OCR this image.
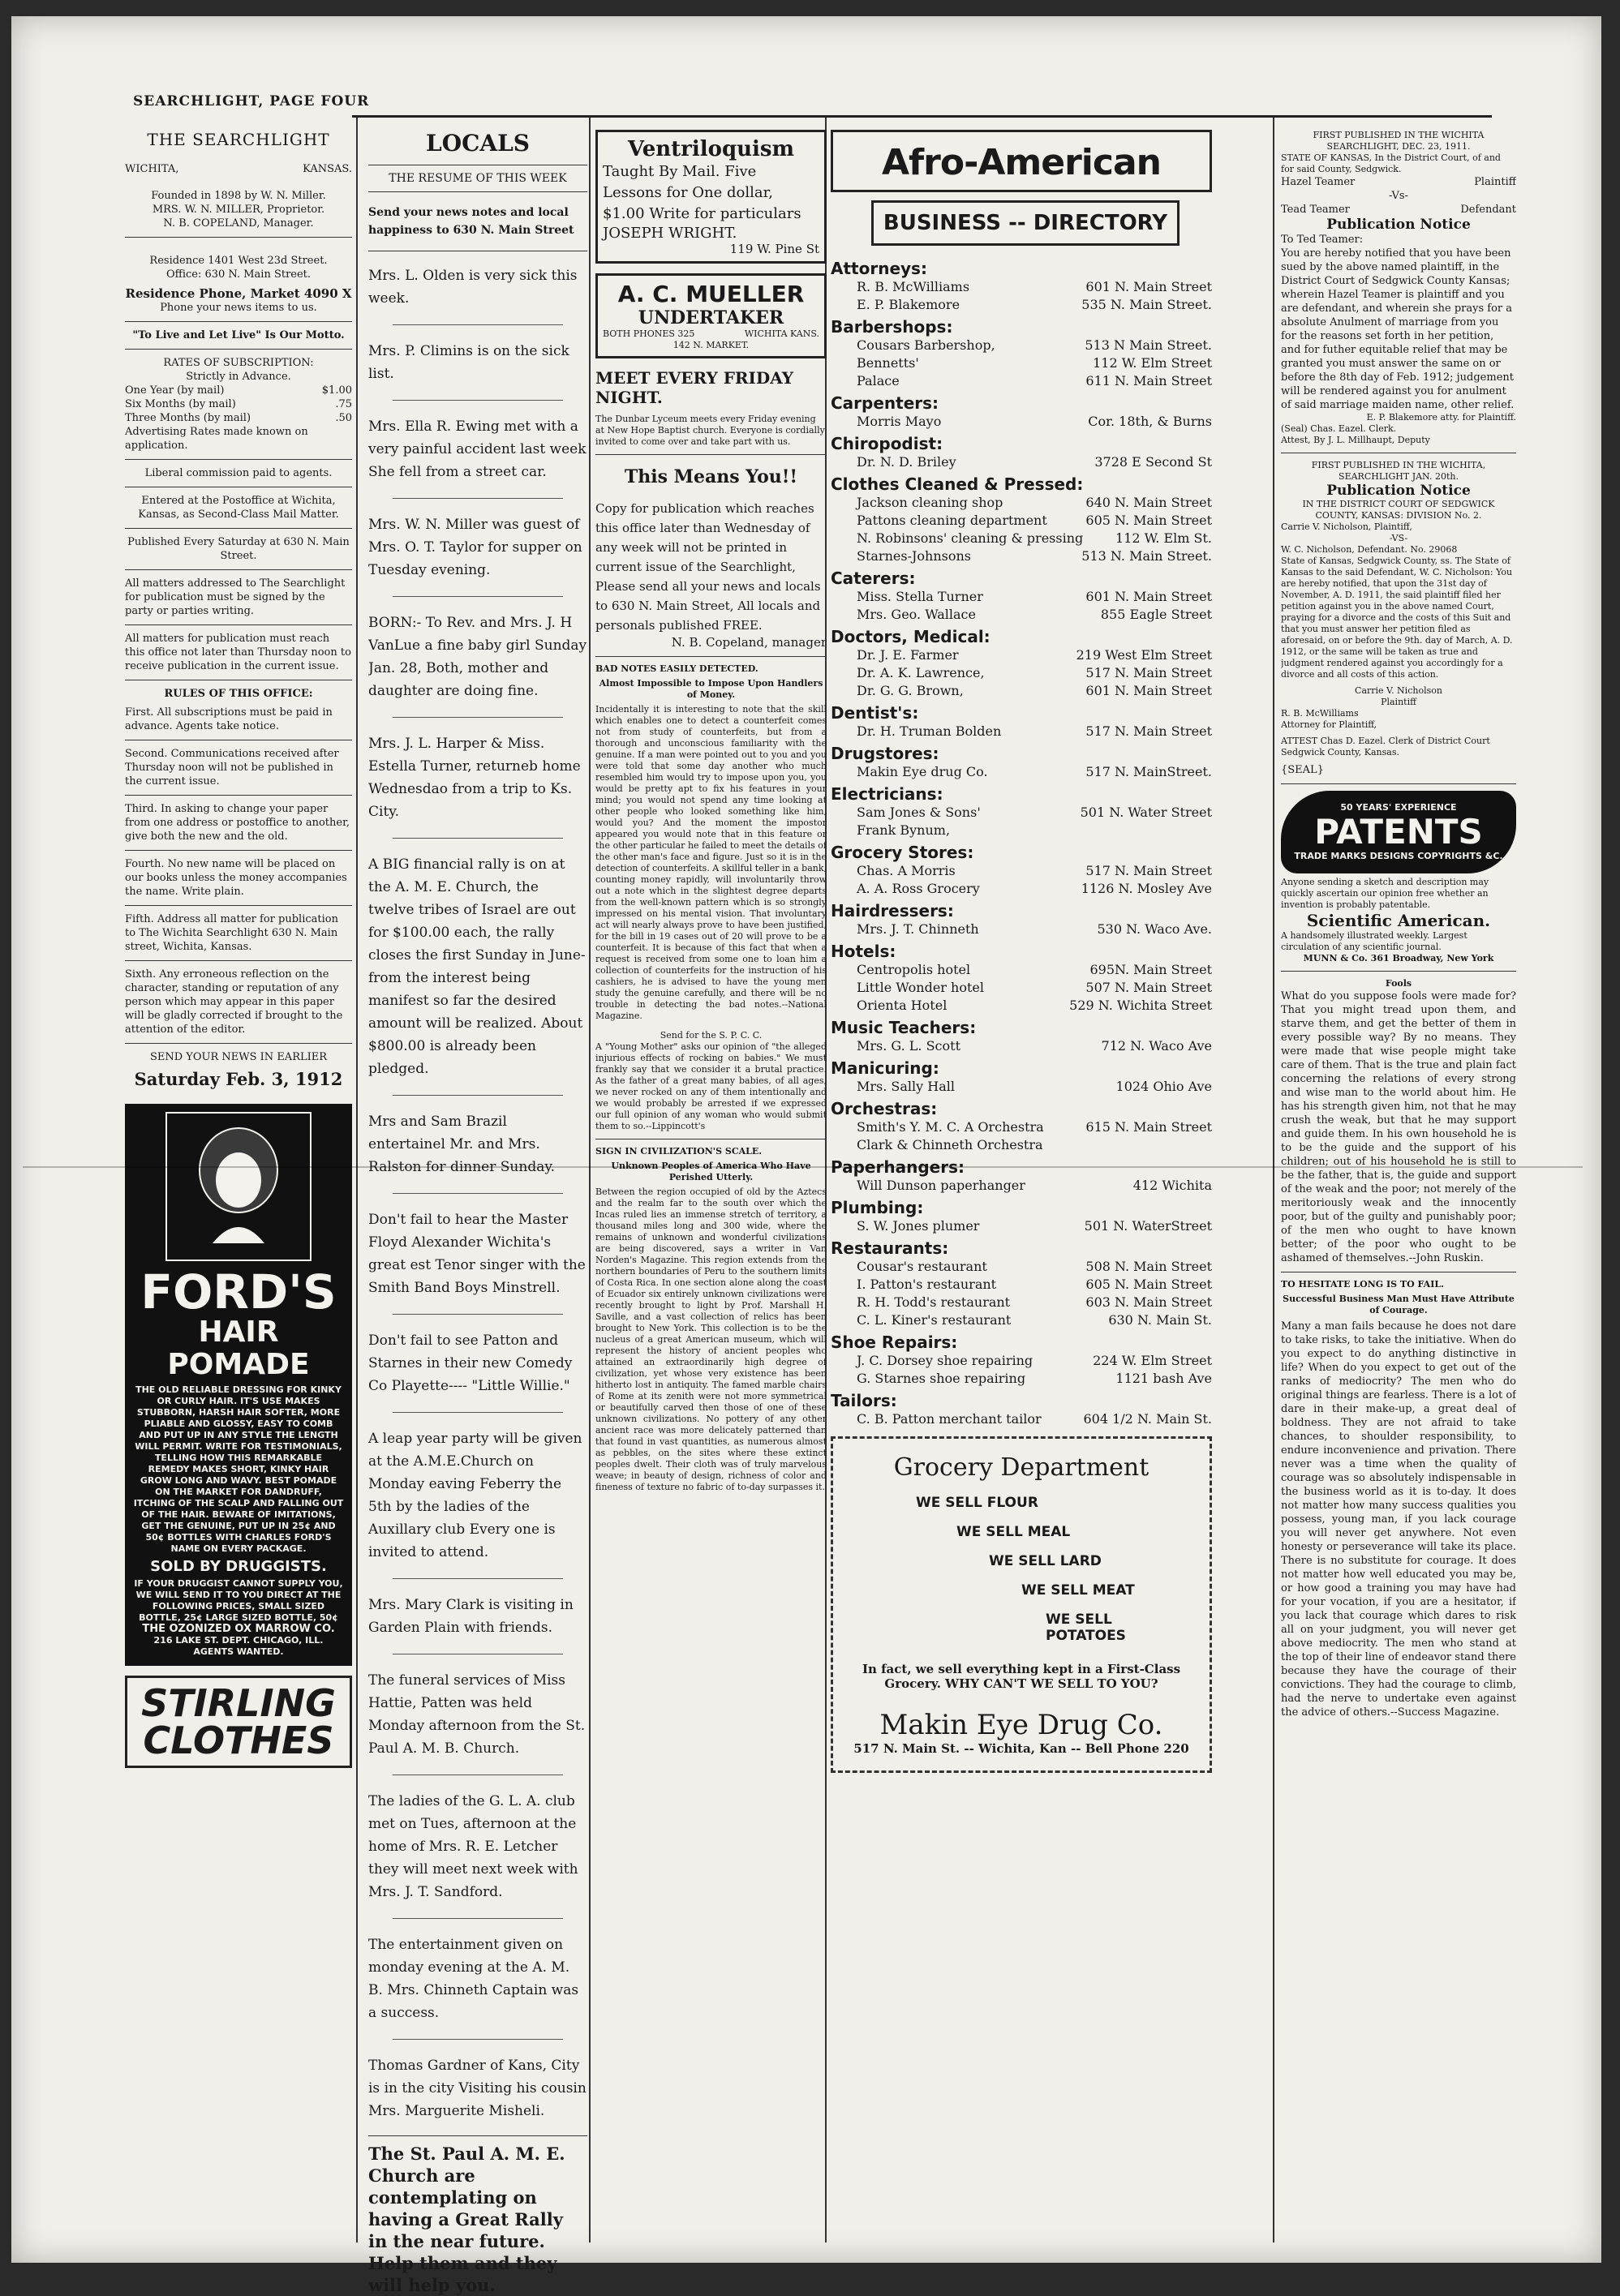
SEARCHLIGHT, PAGE FOUR
THE SEARCHLIGHT
WICHITA,	KANSAS.
Founded in 1898 by W. N. Miller.
MRS. W. N. MILLER, Proprietor.
N. B. COPELAND, Manager.
Residence 1401 West 23d Street.
Office: 630 N. Main Street.
Residence Phone, Market 4090 X
Phone your news items to us.
"To Live and Let Live" Is Our Motto.
RATES OF SUBSCRIPTION:
Strictly in Advance.
One Year (by mail)	$1.00
Six Months (by mail)	.75
Three Months (by mail)	.50
Advertising Rates made known on application.
Liberal commission paid to agents.
Entered at the Postoffice at Wichita, Kansas, as Second-Class Mail Matter.
Published Every Saturday at 630 N. Main Street.
All matters addressed to The Searchlight for publication must be signed by the party or parties writing.
All matters for publication must reach this office not later than Thursday noon to receive publication in the current issue.
RULES OF THIS OFFICE:
First. All subscriptions must be paid in advance. Agents take notice.
Second. Communications received after Thursday noon will not be published in the current issue.
Third. In asking to change your paper from one address or postoffice to another, give both the new and the old.
Fourth. No new name will be placed on our books unless the money accompanies the name. Write plain.
Fifth. Address all matter for publication to The Wichita Searchlight 630 N. Main street, Wichita, Kansas.
Sixth. Any erroneous reflection on the character, standing or reputation of any person which may appear in this paper will be gladly corrected if brought to the attention of the editor.
SEND YOUR NEWS IN EARLIER
Saturday Feb. 3, 1912
FORD'S
HAIR POMADE
THE OLD RELIABLE DRESSING FOR KINKY OR CURLY HAIR. IT'S USE MAKES STUBBORN, HARSH HAIR SOFTER, MORE PLIABLE AND GLOSSY, EASY TO COMB AND PUT UP IN ANY STYLE THE LENGTH WILL PERMIT. WRITE FOR TESTIMONIALS, TELLING HOW THIS REMARKABLE REMEDY MAKES SHORT, KINKY HAIR GROW LONG AND WAVY. BEST POMADE ON THE MARKET FOR DANDRUFF, ITCHING OF THE SCALP AND FALLING OUT OF THE HAIR. BEWARE OF IMITATIONS, GET THE GENUINE, PUT UP IN 25¢ AND 50¢ BOTTLES WITH CHARLES FORD'S NAME ON EVERY PACKAGE.
SOLD BY DRUGGISTS.
IF YOUR DRUGGIST CANNOT SUPPLY YOU, WE WILL SEND IT TO YOU DIRECT AT THE FOLLOWING PRICES, SMALL SIZED BOTTLE, 25¢ LARGE SIZED BOTTLE, 50¢
THE OZONIZED OX MARROW CO.
216 LAKE ST. DEPT. CHICAGO, ILL.
AGENTS WANTED.
STIRLING
CLOTHES
LOCALS
THE RESUME OF THIS WEEK
Send your news notes and local happiness to 630 N. Main Street

Mrs. L. Olden is very sick this week.

Mrs. P. Climins is on the sick list.

Mrs. Ella R. Ewing met with a very painful accident last week She fell from a street car.

Mrs. W. N. Miller was guest of Mrs. O. T. Taylor for supper on Tuesday evening.

BORN:- To Rev. and Mrs. J. H VanLue a fine baby girl Sunday Jan. 28, Both, mother and daughter are doing fine.

Mrs. J. L. Harper & Miss. Estella Turner, returneb home Wednesdao from a trip to Ks. City.

A BIG financial rally is on at the A. M. E. Church, the twelve tribes of Israel are out for $100.00 each, the rally closes the first Sunday in June- from the interest being manifest so far the desired amount will be realized. About $800.00 is already been pledged.

Mrs and Sam Brazil entertainel Mr. and Mrs. Ralston for dinner Sunday.

Don't fail to hear the Master Floyd Alexander Wichita's great est Tenor singer with the Smith Band Boys Minstrell.

Don't fail to see Patton and Starnes in their new Comedy Co Playette---- "Little Willie."

A leap year party will be given at the A.M.E.Church on Monday eaving Feberry the 5th by the ladies of the Auxillary club Every one is invited to attend.

Mrs. Mary Clark is visiting in Garden Plain with friends.

The funeral services of Miss Hattie, Patten was held Monday afternoon from the St. Paul A. M. B. Church.

The ladies of the G. L. A. club met on Tues, afternoon at the home of Mrs. R. E. Letcher they will meet next week with Mrs. J. T. Sandford.

The entertainment given on monday evening at the A. M. B. Mrs. Chinneth Captain was a success.

Thomas Gardner of Kans, City is in the city Visiting his cousin Mrs. Marguerite Misheli.

The St. Paul A. M. E. Church are contemplating on having a Great Rally in the near future. Help them and they will help you.
Ventriloquism
Taught By Mail. Five Lessons for One dollar, $1.00 Write for particulars
JOSEPH WRIGHT.
119 W. Pine St
A. C. MUELLER
UNDERTAKER
BOTH PHONES 325	WICHITA KANS.
142 N. MARKET.
MEET EVERY FRIDAY NIGHT.
The Dunbar Lyceum meets every Friday evening at New Hope Baptist church. Everyone is cordially invited to come over and take part with us.
This Means You!!
Copy for publication which reaches this office later than Wednesday of any week will not be printed in current issue of the Searchlight, Please send all your news and locals to 630 N. Main Street, All locals and personals published FREE.
N. B. Copeland, manager
BAD NOTES EASILY DETECTED.
Almost Impossible to Impose Upon Handlers of Money.
Incidentally it is interesting to note that the skill which enables one to detect a counterfeit comes not from study of counterfeits, but from a thorough and unconscious familiarity with the genuine. If a man were pointed out to you and you were told that some day another who much resembled him would try to impose upon you, you would be pretty apt to fix his features in your mind; you would not spend any time looking at other people who looked something like him, would you? And the moment the impostor appeared you would note that in this feature or the other particular he failed to meet the details of the other man's face and figure. Just so it is in the detection of counterfeits. A skillful teller in a bank, counting money rapidly, will involuntarily throw out a note which in the slightest degree departs from the well-known pattern which is so strongly impressed on his mental vision. That involuntary act will nearly always prove to have been justified, for the bill in 19 cases out of 20 will prove to be a counterfeit. It is because of this fact that when a request is received from some one to loan him a collection of counterfeits for the instruction of his cashiers, he is advised to have the young men study the genuine carefully, and there will be no trouble in detecting the bad notes.--National Magazine.
Send for the S. P. C. C.
A "Young Mother" asks our opinion of "the alleged injurious effects of rocking on babies." We must frankly say that we consider it a brutal practice. As the father of a great many babies, of all ages, we never rocked on any of them intentionally and we would probably be arrested if we expressed our full opinion of any woman who would submit them to so.--Lippincott's
SIGN IN CIVILIZATION'S SCALE.
Unknown Peoples of America Who Have Perished Utterly.
Between the region occupied of old by the Aztecs and the realm far to the south over which the Incas ruled lies an immense stretch of territory, a thousand miles long and 300 wide, where the remains of unknown and wonderful civilizations are being discovered, says a writer in Van Norden's Magazine. This region extends from the northern boundaries of Peru to the southern limits of Costa Rica. In one section alone along the coast of Ecuador six entirely unknown civilizations were recently brought to light by Prof. Marshall H. Saville, and a vast collection of relics has been brought to New York. This collection is to be the nucleus of a great American museum, which will represent the history of ancient peoples who attained an extraordinarily high degree of civilization, yet whose very existence has been hitherto lost in antiquity. The famed marble chairs of Rome at its zenith were not more symmetrical or beautifully carved then those of one of these unknown civilizations. No pottery of any other ancient race was more delicately patterned than that found in vast quantities, as numerous almost as pebbles, on the sites where these extinct peoples dwelt. Their cloth was of truly marvelous weave; in beauty of design, richness of color and fineness of texture no fabric of to-day surpasses it.
Afro-American
BUSINESS -- DIRECTORY
Attorneys:
R. B. McWilliams	601 N. Main Street
E. P. Blakemore	535 N. Main Street.
Barbershops:
Cousars Barbershop,	513 N Main Street.
Bennetts'	112 W. Elm Street
Palace	611 N. Main Street
Carpenters:
Morris Mayo	Cor. 18th, & Burns
Chiropodist:
Dr. N. D. Briley	3728 E Second St
Clothes Cleaned & Pressed:
Jackson cleaning shop	640 N. Main Street
Pattons cleaning department	605 N. Main Street
N. Robinsons' cleaning & pressing	112 W. Elm St.
Starnes-Johnsons	513 N. Main Street.
Caterers:
Miss. Stella Turner	601 N. Main Street
Mrs. Geo. Wallace	855 Eagle Street
Doctors, Medical:
Dr. J. E. Farmer	219 West Elm Street
Dr. A. K. Lawrence,	517 N. Main Street
Dr. G. G. Brown,	601 N. Main Street
Dentist's:
Dr. H. Truman Bolden	517 N. Main Street
Drugstores:
Makin Eye drug Co.	517 N. MainStreet.
Electricians:
Sam Jones & Sons'	501 N. Water Street
Frank Bynum,
Grocery Stores:
Chas. A Morris	517 N. Main Street
A. A. Ross Grocery	1126 N. Mosley Ave
Hairdressers:
Mrs. J. T. Chinneth	530 N. Waco Ave.
Hotels:
Centropolis hotel	695N. Main Street
Little Wonder hotel	507 N. Main Street
Orienta Hotel	529 N. Wichita Street
Music Teachers:
Mrs. G. L. Scott	712 N. Waco Ave
Manicuring:
Mrs. Sally Hall	1024 Ohio Ave
Orchestras:
Smith's Y. M. C. A Orchestra	615 N. Main Street
Clark & Chinneth Orchestra
Paperhangers:
Will Dunson paperhanger	412 Wichita
Plumbing:
S. W. Jones plumer	501 N. WaterStreet
Restaurants:
Cousar's restaurant	508 N. Main Street
I. Patton's restaurant	605 N. Main Street
R. H. Todd's restaurant	603 N. Main Street
C. L. Kiner's restaurant	630 N. Main St.
Shoe Repairs:
J. C. Dorsey shoe repairing	224 W. Elm Street
G. Starnes shoe repairing	1121 bash Ave
Tailors:
C. B. Patton merchant tailor	604 1/2 N. Main St.
Grocery Department
WE SELL FLOUR
WE SELL MEAL
WE SELL LARD
WE SELL MEAT
WE SELL POTATOES
In fact, we sell everything kept in a First-Class Grocery. WHY CAN'T WE SELL TO YOU?
Makin Eye Drug Co.
517 N. Main St. -- Wichita, Kan -- Bell Phone 220
FIRST PUBLISHED IN THE WICHITA SEARCHLIGHT, DEC. 23, 1911.
STATE OF KANSAS, In the District Court, of and for said County, Sedgwick.
Hazel Teamer	Plaintiff
-Vs-
Tead Teamer	Defendant
Publication Notice
To Ted Teamer:
You are hereby notified that you have been sued by the above named plaintiff, in the District Court of Sedgwick County Kansas; wherein Hazel Teamer is plaintiff and you are defendant, and wherein she prays for a absolute Anulment of marriage from you for the reasons set forth in her petition, and for futher equitable relief that may be granted you must answer the same on or before the 8th day of Feb. 1912; judgement will be rendered against you for anulment of said marriage maiden name, other relief.
E. P. Blakemore atty. for Plaintiff.
(Seal) Chas. Eazel. Clerk.
Attest, By J. L. Millhaupt, Deputy
FIRST PUBLISHED IN THE WICHITA, SEARCHLIGHT JAN. 20th.
Publication Notice
IN THE DISTRICT COURT OF SEDGWICK COUNTY, KANSAS: DIVISION No. 2.
Carrie V. Nicholson, Plaintiff,
-VS-
W. C. Nicholson, Defendant. No. 29068
State of Kansas, Sedgwick County, ss. The State of Kansas to the said Defendant, W. C. Nicholson: You are hereby notified, that upon the 31st day of November, A. D. 1911, the said plaintiff filed her petition against you in the above named Court, praying for a divorce and the costs of this Suit and that you must answer her petition filed as aforesaid, on or before the 9th. day of March, A. D. 1912, or the same will be taken as true and judgment rendered against you accordingly for a divorce and all costs of this action.
Carrie V. Nicholson
Plaintiff
R. B. McWilliams
Attorney for Plaintiff,
ATTEST Chas D. Eazel. Clerk of District Court Sedgwick County, Kansas.
{SEAL}
50 YEARS' EXPERIENCE
PATENTS
TRADE MARKS DESIGNS COPYRIGHTS &C.
Anyone sending a sketch and description may quickly ascertain our opinion free whether an invention is probably patentable.
Scientific American.
A handsomely illustrated weekly. Largest circulation of any scientific journal.
MUNN & Co. 361 Broadway, New York
Fools
What do you suppose fools were made for? That you might tread upon them, and starve them, and get the better of them in every possible way? By no means. They were made that wise people might take care of them. That is the true and plain fact concerning the relations of every strong and wise man to the world about him. He has his strength given him, not that he may crush the weak, but that he may support and guide them. In his own household he is to be the guide and the support of his children; out of his household he is still to be the father, that is, the guide and support of the weak and the poor; not merely of the meritoriously weak and the innocently poor, but of the guilty and punishably poor; of the men who ought to have known better; of the poor who ought to be ashamed of themselves.--John Ruskin.
TO HESITATE LONG IS TO FAIL.
Successful Business Man Must Have Attribute of Courage.
Many a man fails because he does not dare to take risks, to take the initiative. When do you expect to do anything distinctive in life? When do you expect to get out of the ranks of mediocrity? The men who do original things are fearless. There is a lot of dare in their make-up, a great deal of boldness. They are not afraid to take chances, to shoulder responsibility, to endure inconvenience and privation. There never was a time when the quality of courage was so absolutely indispensable in the business world as it is to-day. It does not matter how many success qualities you possess, young man, if you lack courage you will never get anywhere. Not even honesty or perseverance will take its place. There is no substitute for courage. It does not matter how well educated you may be, or how good a training you may have had for your vocation, if you are a hesitator, if you lack that courage which dares to risk all on your judgment, you will never get above mediocrity. The men who stand at the top of their line of endeavor stand there because they have the courage of their convictions. They had the courage to climb, had the nerve to undertake even against the advice of others.--Success Magazine.
